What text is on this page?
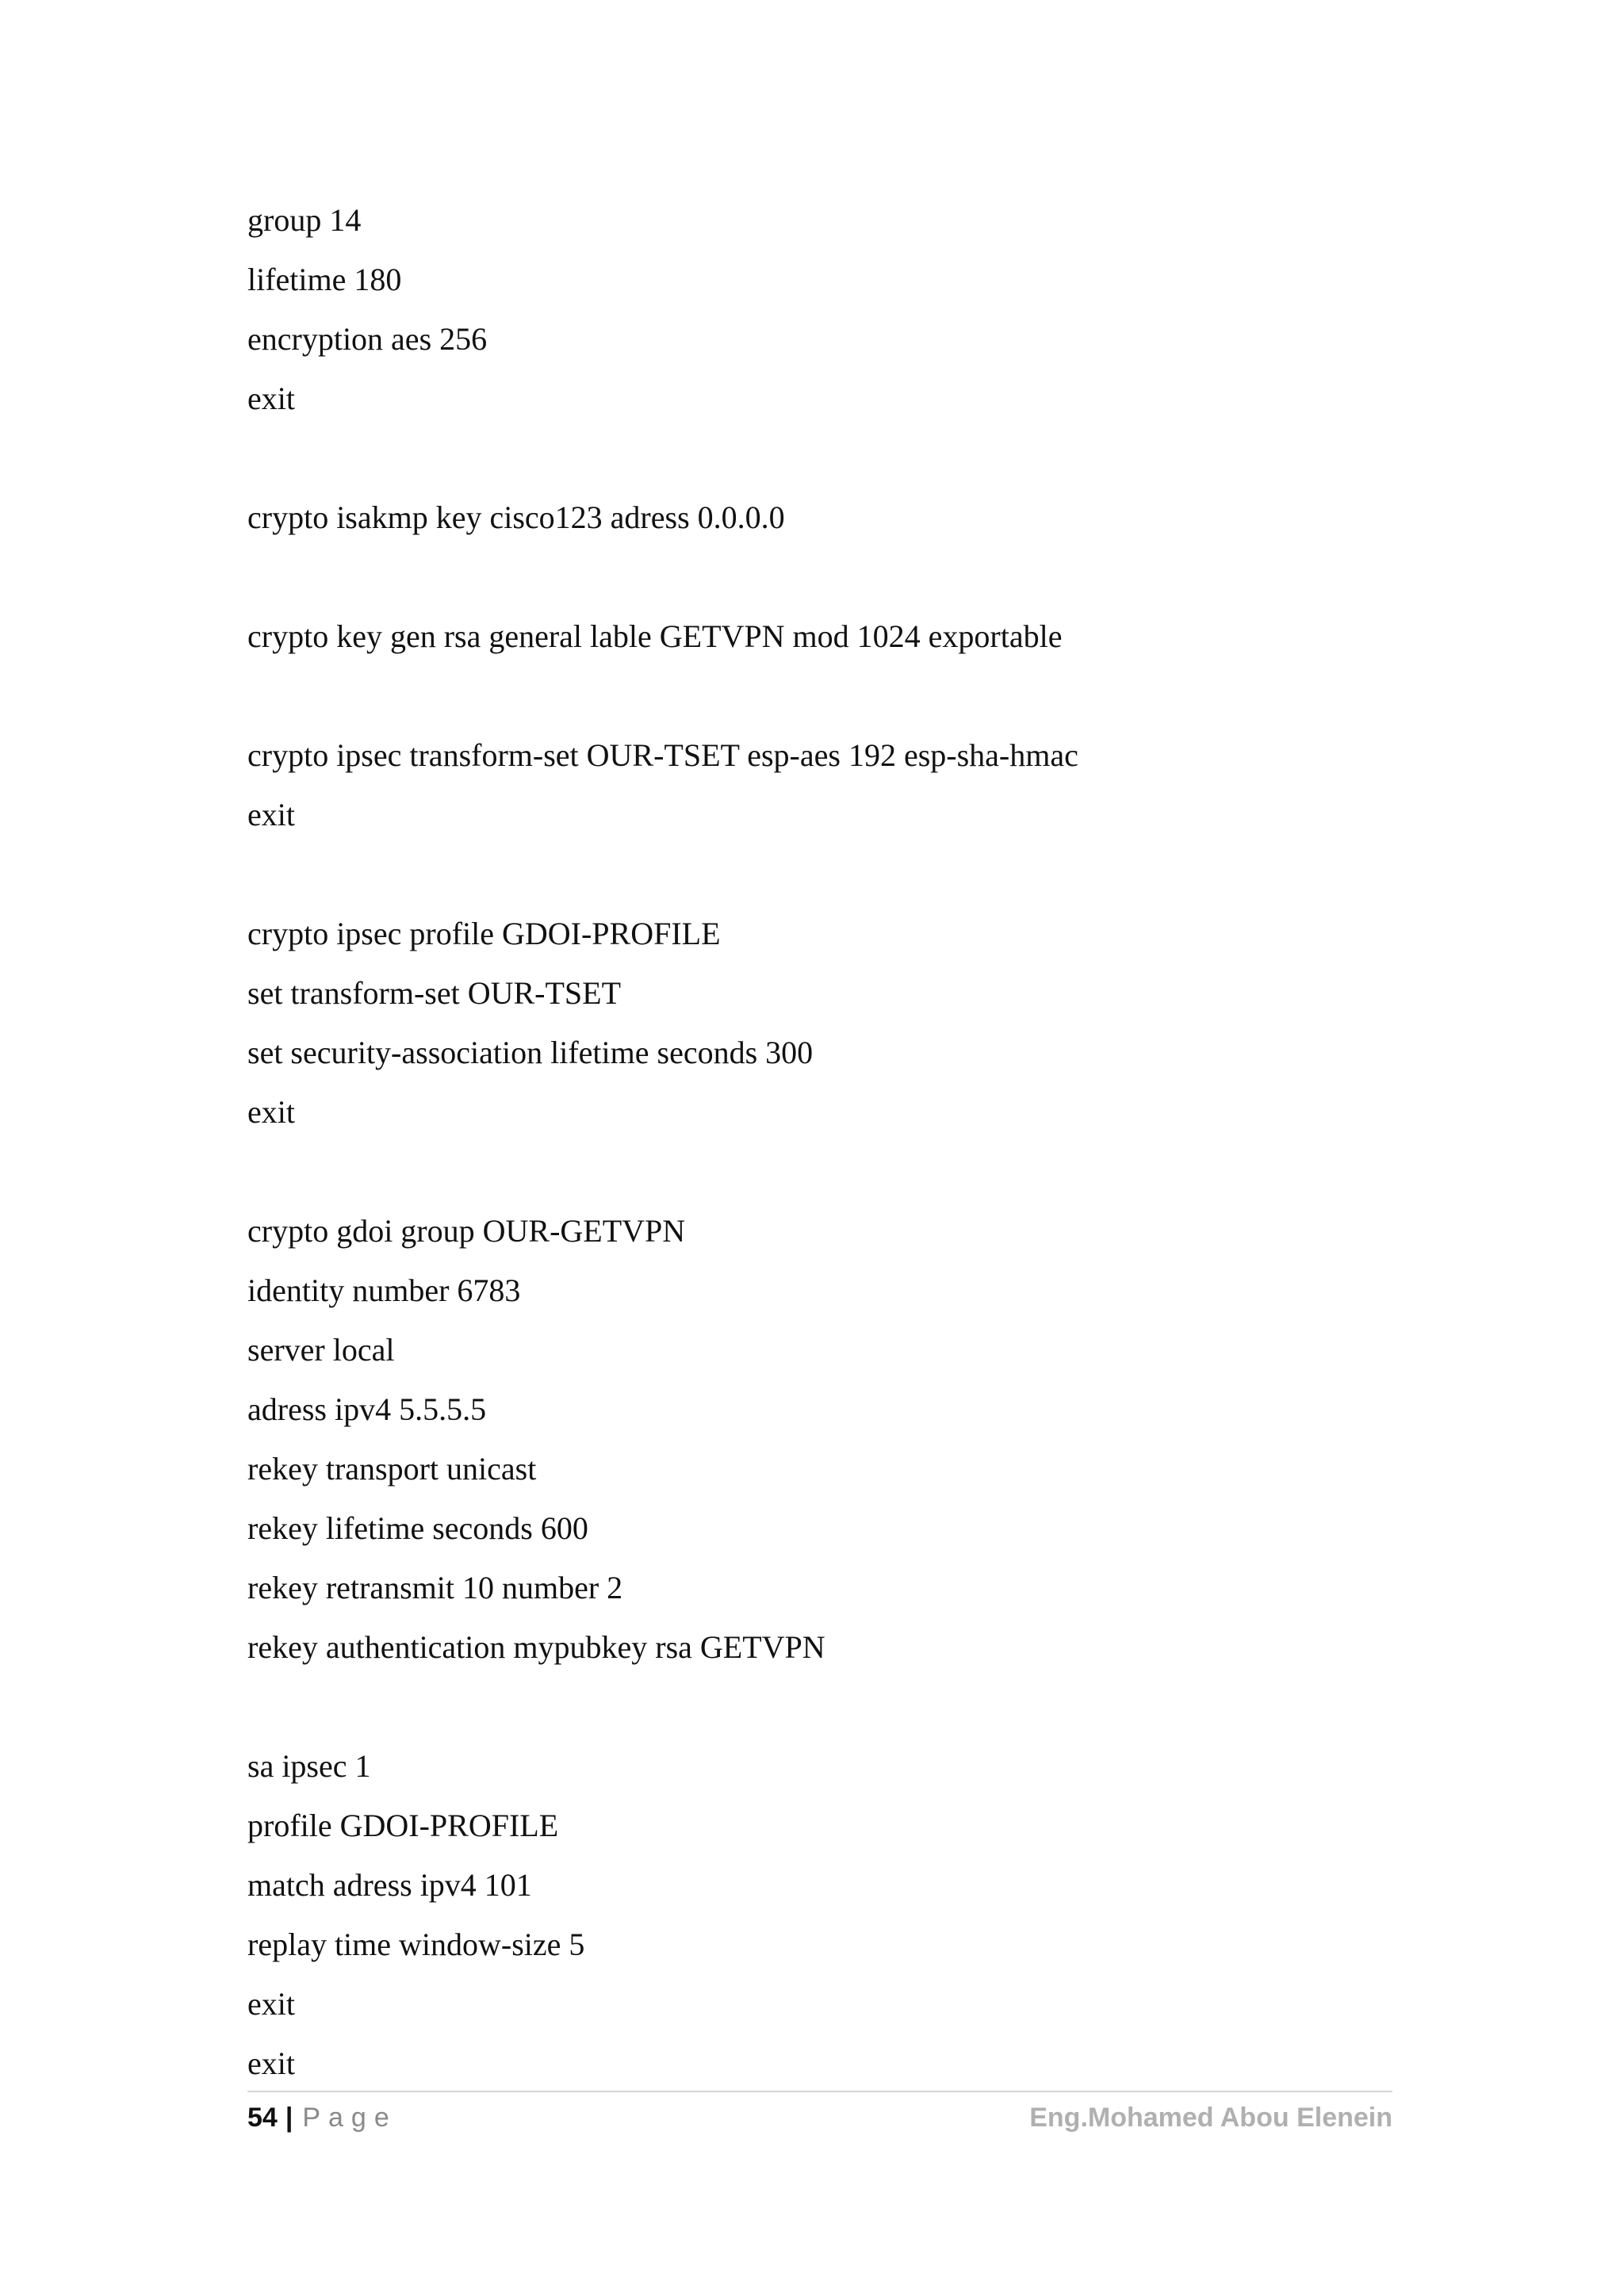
group 14
lifetime 180
encryption aes 256
exit
crypto isakmp key cisco123 adress 0.0.0.0
crypto key gen rsa general lable GETVPN mod 1024 exportable
crypto ipsec transform-set OUR-TSET esp-aes 192 esp-sha-hmac
exit
crypto ipsec profile GDOI-PROFILE
set transform-set OUR-TSET
set security-association lifetime seconds 300
exit
crypto gdoi group OUR-GETVPN
identity number 6783
server local
adress ipv4 5.5.5.5
rekey transport unicast
rekey lifetime seconds 600
rekey retransmit 10 number 2
rekey authentication mypubkey rsa GETVPN
sa ipsec 1
profile GDOI-PROFILE
match adress ipv4 101
replay time window-size 5
exit
exit
54 | Page	Eng.Mohamed Abou Elenein
